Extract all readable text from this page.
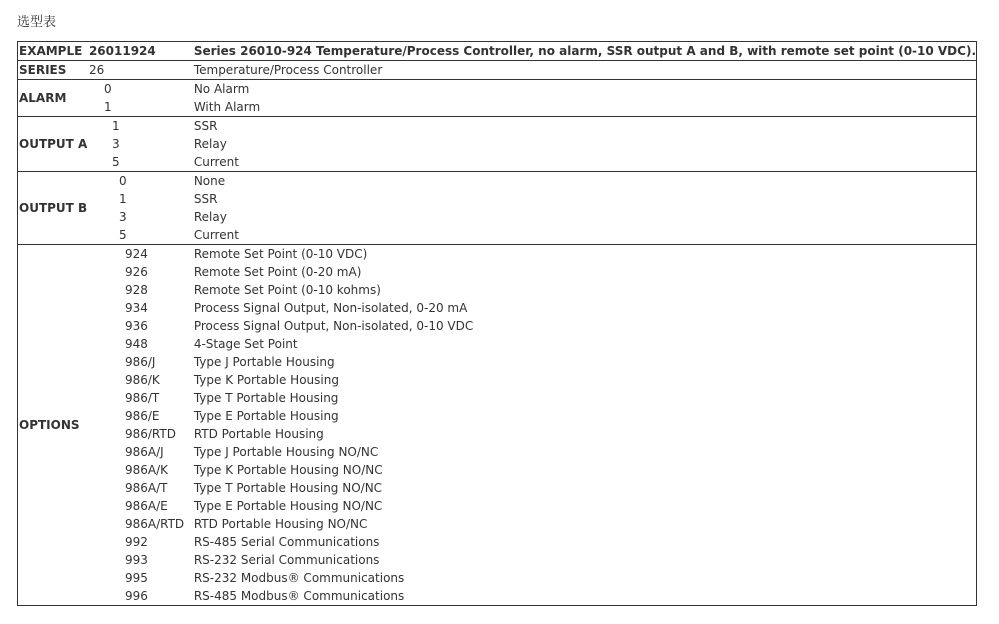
选型表
EXAMPLE	26011924	Series 26010-924 Temperature/Process Controller, no alarm, SSR output A and B, with remote set point (0-10 VDC).
SERIES	26	Temperature/Process Controller
ALARM	0	No Alarm
	1	With Alarm
OUTPUT A	1	SSR
	3	Relay
	5	Current
OUTPUT B	0	None
	1	SSR
	3	Relay
	5	Current
OPTIONS	924	Remote Set Point (0-10 VDC)
	926	Remote Set Point (0-20 mA)
	928	Remote Set Point (0-10 kohms)
	934	Process Signal Output, Non-isolated, 0-20 mA
	936	Process Signal Output, Non-isolated, 0-10 VDC
	948	4-Stage Set Point
	986/J	Type J Portable Housing
	986/K	Type K Portable Housing
	986/T	Type T Portable Housing
	986/E	Type E Portable Housing
	986/RTD	RTD Portable Housing
	986A/J	Type J Portable Housing NO/NC
	986A/K	Type K Portable Housing NO/NC
	986A/T	Type T Portable Housing NO/NC
	986A/E	Type E Portable Housing NO/NC
	986A/RTD	RTD Portable Housing NO/NC
	992	RS-485 Serial Communications
	993	RS-232 Serial Communications
	995	RS-232 Modbus® Communications
	996	RS-485 Modbus® Communications
